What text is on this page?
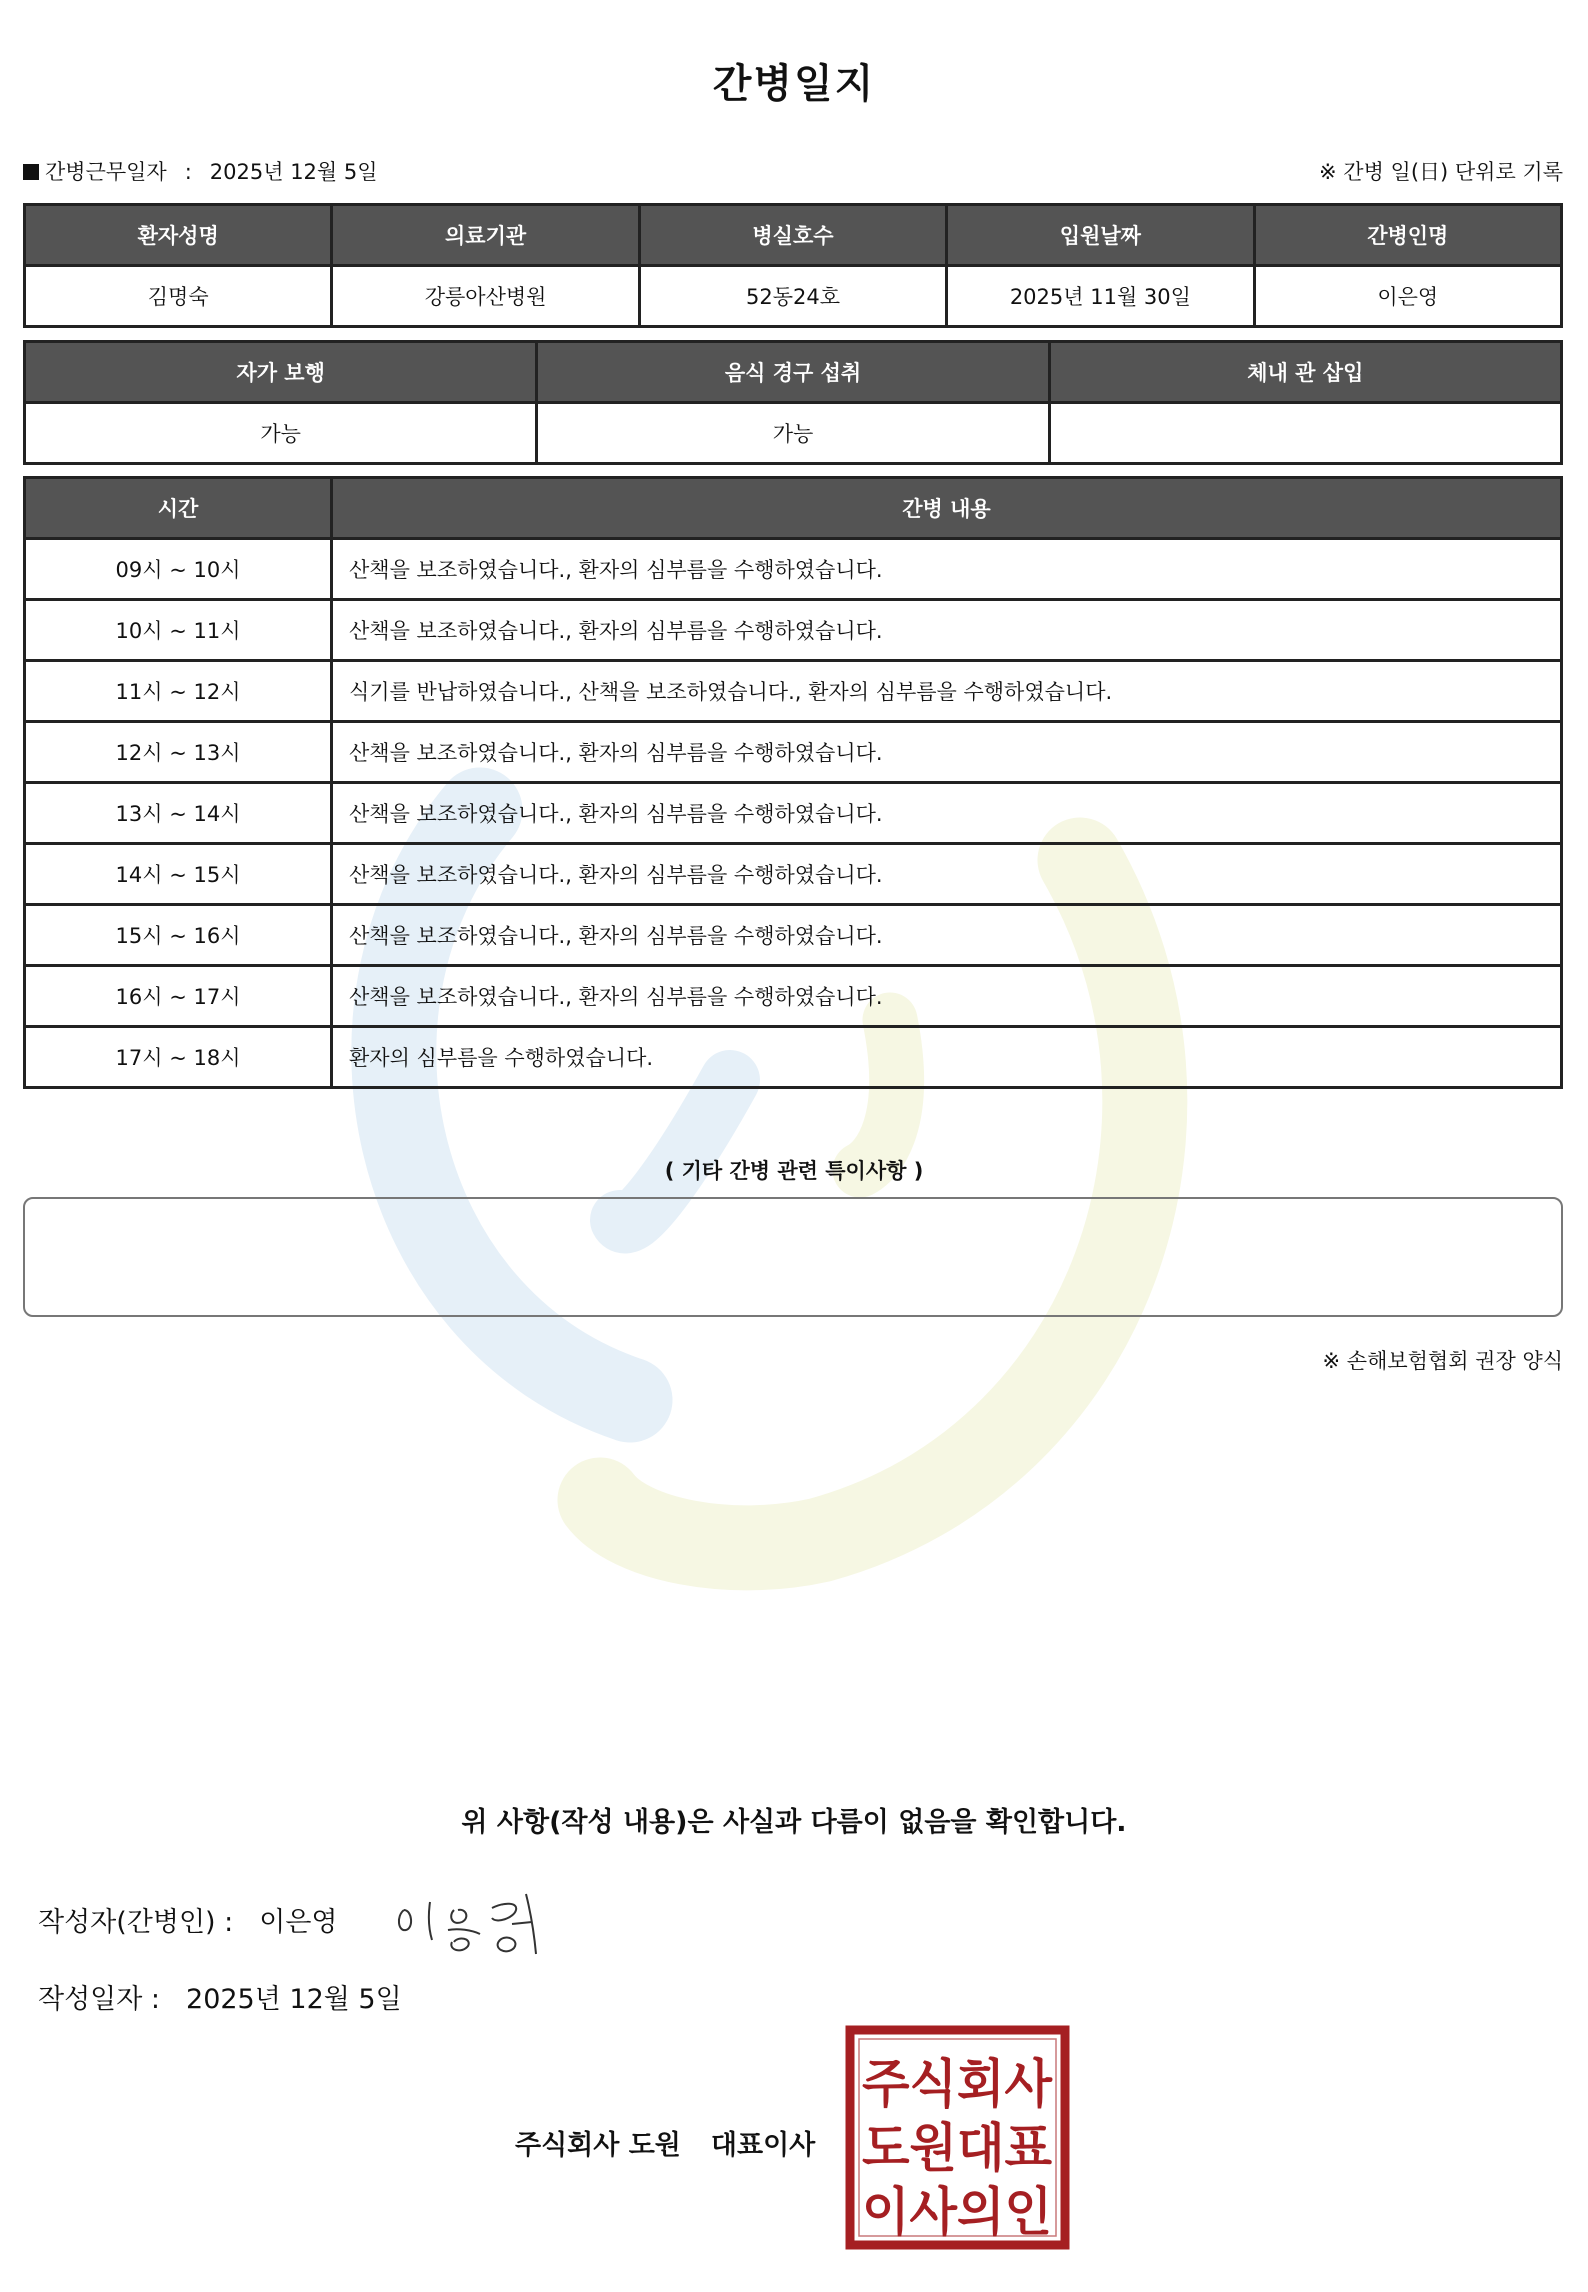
간병일지
간병근무일자 : 2025년 12월 5일	※ 간병 일(日) 단위로 기록
환자성명	의료기관	병실호수	입원날짜	간병인명
김명숙	강릉아산병원	52동24호	2025년 11월 30일	이은영
자가 보행	음식 경구 섭취	체내 관 삽입
가능	가능	
시간	간병 내용
09시 ~ 10시	산책을 보조하였습니다., 환자의 심부름을 수행하였습니다.
10시 ~ 11시	산책을 보조하였습니다., 환자의 심부름을 수행하였습니다.
11시 ~ 12시	식기를 반납하였습니다., 산책을 보조하였습니다., 환자의 심부름을 수행하였습니다.
12시 ~ 13시	산책을 보조하였습니다., 환자의 심부름을 수행하였습니다.
13시 ~ 14시	산책을 보조하였습니다., 환자의 심부름을 수행하였습니다.
14시 ~ 15시	산책을 보조하였습니다., 환자의 심부름을 수행하였습니다.
15시 ~ 16시	산책을 보조하였습니다., 환자의 심부름을 수행하였습니다.
16시 ~ 17시	산책을 보조하였습니다., 환자의 심부름을 수행하였습니다.
17시 ~ 18시	환자의 심부름을 수행하였습니다.
( 기타 간병 관련 특이사항 )
※ 손해보험협회 권장 양식
위 사항(작성 내용)은 사실과 다름이 없음을 확인합니다.
작성자(간병인) : 이은영
작성일자 : 2025년 12월 5일
주식회사 도원 대표이사
주식회사
도원대표
이사의인
